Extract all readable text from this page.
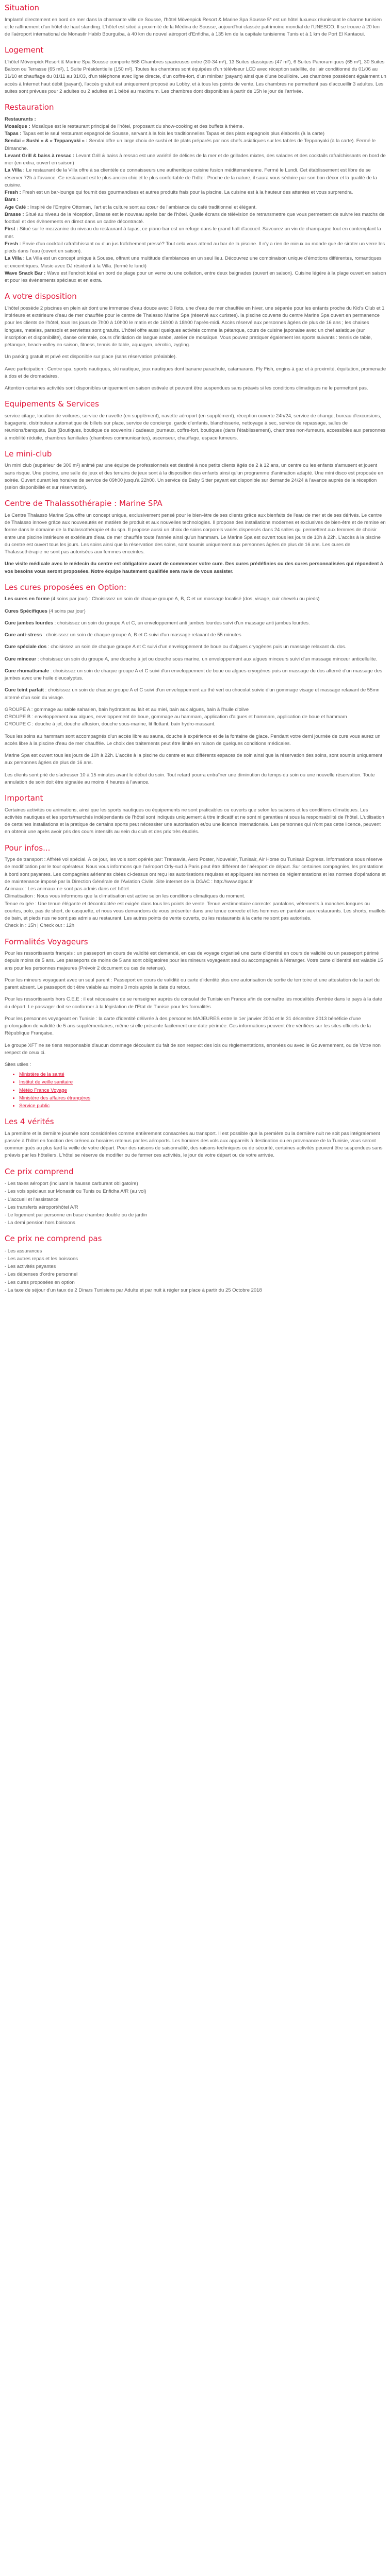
Situation

Implanté directement en bord de mer dans la charmante ville de Sousse, l'hôtel Mövenpick Resort & Marine Spa Sousse 5* est un hôtel luxueux réunissant le charme tunisien et le raffinement d'un hôtel de haut standing. L'hôtel est situé à proximité de la Médina de Sousse, aujourd'hui classée patrimoine mondial de l'UNESCO. Il se trouve à 20 km de l'aéroport international de Monastir Habib Bourguiba, à 40 km du nouvel aéroport d'Enfidha, à 135 km de la capitale tunisienne Tunis et à 1 km de Port El Kantaoui.

Logement

L'hôtel Mövenpick Resort & Marine Spa Sousse comporte 568 Chambres spacieuses entre (30-34 m²), 13 Suites classiques (47 m²), 6 Suites Panoramiques (65 m²), 30 Suites Balcon ou Terrasse (65 m²), 1 Suite Présidentielle (150 m²). Toutes les chambres sont équipées d'un téléviseur LCD avec réception satellite, de l'air conditionné du 01/06 au 31/10 et chauffage du 01/11 au 31/03, d'un téléphone avec ligne directe, d'un coffre-fort, d'un minibar (payant) ainsi que d'une bouilloire. Les chambres possèdent également un accès à Internet haut débit (payant), l'accès gratuit est uniquement proposé au Lobby, et à tous les points de vente. Les chambres ne permettent pas d'accueillir 3 adultes. Les suites sont prévues pour 2 adultes ou 2 adultes et 1 bébé au maximum. Les chambres dont disponibles à partir de 15h le jour de l'arrivée.

Restauration

Restaurants :

Mosaïque : Mosaïque est le restaurant principal de l'hôtel, proposant du show-cooking et des buffets à thème.

Tapas : Tapas est le seul restaurant espagnol de Sousse, servant à la fois les traditionnelles Tapas et des plats espagnols plus élaborés (à la carte)

Sendai « Sushi » & « Teppanyaki » : Sendai offre un large choix de sushi et de plats préparés par nos chefs asiatiques sur les tables de Teppanyaki (à la carte). Fermé le Dimanche.

Levant Grill & baiss à ressac : Levant Grill & baiss à ressac est une variété de délices de la mer et de grillades mixtes, des salades et des cocktails rafraîchissants en bord de mer (en extra, ouvert en saison)

La Villa : Le restaurant de la Villa offre à sa clientèle de connaisseurs une authentique cuisine fusion méditerranéenne. Fermé le Lundi. Cet établissement est libre de se réserver 72h à l'avance. Ce restaurant est le plus ancien chic et le plus confortable de l'hôtel. Proche de la nature, il saura vous séduire par son bon décor et la qualité de la cuisine.

Fresh : Fresh est un bar-lounge qui fournit des gourmandises et autres produits frais pour la piscine. La cuisine est à la hauteur des attentes et vous surprendra.

Bars :

Age Café : Inspiré de l'Empire Ottoman, l'art et la culture sont au cœur de l'ambiance du café traditionnel et élégant.

Brasse : Situé au niveau de la réception, Brasse est le nouveau après bar de l'hôtel. Quelle écrans de télévision de retransmettre que vous permettent de suivre les matchs de football et des évènements en direct dans un cadre décontracté.

First : Situé sur le mezzanine du niveau du restaurant à tapas, ce piano-bar est un refuge dans le grand hall d'accueil. Savourez un vin de champagne tout en contemplant la mer.

Fresh : Envie d'un cocktail rafraîchissant ou d'un jus fraîchement pressé? Tout cela vous attend au bar de la piscine. Il n'y a rien de mieux au monde que de siroter un verre les pieds dans l'eau (ouvert en saison).

La Villa : La Villa est un concept unique à Sousse, offrant une multitude d'ambiances en un seul lieu. Découvrez une combinaison unique d'émotions différentes, romantiques et excentriques. Music avec DJ résident à la Villa. (fermé le lundi)

Wave Snack Bar : Wave est l'endroit idéal en bord de plage pour un verre ou une collation, entre deux baignades (ouvert en saison). Cuisine légère à la plage ouvert en saison et pour les événements spéciaux et en extra.

A votre disposition

L'hôtel possède 2 piscines en plein air dont une immense d'eau douce avec 3 îlots, une d'eau de mer chauffée en hiver, une séparée pour les enfants proche du Kid's Club et 1 intérieure et extérieure d'eau de mer chauffée pour le centre de Thalasso Marine Spa (réservé aux curistes). la piscine couverte du centre Marine Spa ouvert en permanence pour les clients de l'hôtel, tous les jours de 7h00 à 10h00 le matin et de 16h00 à 18h00 l'après-midi. Accès réservé aux personnes âgées de plus de 16 ans ; les chaises longues, matelas, parasols et serviettes sont gratuits. L'hôtel offre aussi quelques activités comme la pétanque, cours de cuisine japonaise avec un chef asiatique (sur inscription et disponibilité), danse orientale, cours d'initiation de langue arabe, atelier de mosaïque. Vous pouvez pratiquer également les sports suivants : tennis de table, pétanque, beach-volley en saison, fitness, tennis de table, aquagym, aérobic, zygling.

Un parking gratuit et privé est disponible sur place (sans réservation préalable).

Avec participation : Centre spa, sports nautiques, ski nautique, jeux nautiques dont banane parachute, catamarans, Fly Fish, engins à gaz et à proximité, équitation, promenade à dos et de dromadaires.

Attention certaines activités sont disponibles uniquement en saison estivale et peuvent être suspendues sans préavis si les conditions climatiques ne le permettent pas.

Equipements & Services

service citage, location de voitures, service de navette (en supplément), navette aéroport (en supplément), réception ouverte 24h/24, service de change, bureau d'excursions, bagagerie, distributeur automatique de billets sur place, service de concierge, garde d'enfants, blanchisserie, nettoyage à sec, service de repassage, salles de réunions/banquets, Bus (Boutiques, boutique de souvenirs / cadeaux journaux, coffre-fort, boutiques (dans l'établissement), chambres non-fumeurs, accessibles aux personnes à mobilité réduite, chambres familiales (chambres communicantes), ascenseur, chauffage, espace fumeurs.

Le mini-club

Un mini club (supérieur de 300 m²) animé par une équipe de professionnels est destiné à nos petits clients âgés de 2 à 12 ans, un centre ou les enfants s'amusent et jouent sans risque. Une piscine, une salle de jeux et des terrains de jeux sont à la disposition des enfants ainsi qu'un programme d'animation adapté. Une mini disco est proposée en soirée. Ouvert durant les horaires de service de 09h00 jusqu'à 22h00. Un service de Baby Sitter payant est disponible sur demande 24/24 à l'avance auprès de la réception (selon disponibilité et sur réservation).

Centre de Thalassothérapie : Marine SPA

Le Centre Thalasso Marine Spa offre un concept unique, exclusivement pensé pour le bien-être de ses clients grâce aux bienfaits de l'eau de mer et de ses dérivés. Le centre de Thalasso innove grâce aux nouveautés en matière de produit et aux nouvelles technologies. Il propose des installations modernes et exclusives de bien-être et de remise en forme dans le domaine de la thalassothérapie et du spa. Il propose aussi un choix de soins corporels variés dispensés dans 24 salles qui permettent aux femmes de choisir entre une piscine intérieure et extérieure d'eau de mer chauffée toute l'année ainsi qu'un hammam. Le Marine Spa est ouvert tous les jours de 10h à 22h. L'accès à la piscine du centre est ouvert tous les jours. Les soins ainsi que la réservation des soins, sont soumis uniquement aux personnes âgées de plus de 16 ans. Les cures de Thalassothérapie ne sont pas autorisées aux femmes enceintes.

Une visite médicale avec le médecin du centre est obligatoire avant de commencer votre cure. Des cures prédéfinies ou des cures personnalisées qui répondent à vos besoins vous seront proposées. Notre équipe hautement qualifiée sera ravie de vous assister.

Les cures proposées en Option:

Les cures en forme (4 soins par jour) : Choisissez un soin de chaque groupe A, B, C et un massage localisé (dos, visage, cuir chevelu ou pieds)

Cures Spécifiques (4 soins par jour)

Cure jambes lourdes : choisissez un soin du groupe A et C, un enveloppement anti jambes lourdes suivi d'un massage anti jambes lourdes.

Cure anti-stress : choisissez un soin de chaque groupe A, B et C suivi d'un massage relaxant de 55 minutes

Cure spéciale dos : choisissez un soin de chaque groupe A et C suivi d'un enveloppement de boue ou d'algues cryogènes puis un massage relaxant du dos.

Cure minceur : choisissez un soin du groupe A, une douche à jet ou douche sous marine, un enveloppement aux algues minceurs suivi d'un massage minceur anticellulite.

Cure rhumatismale : choisissez un soin de chaque groupe A et C suivi d'un enveloppement de boue ou algues cryogènes puis un massage du dos alterné d'un massage des jambes avec une huile d'eucalyptus.

Cure teint parfait : choisissez un soin de chaque groupe A et C suivi d'un enveloppement au thé vert ou chocolat suivie d'un gommage visage et massage relaxant de 55mn alterné d'un soin du visage.

GROUPE A : gommage au sable saharien, bain hydratant au lait et au miel, bain aux algues, bain à l'huile d'olive

GROUPE B : enveloppement aux algues, enveloppement de boue, gommage au hammam, application d'algues et hammam, application de boue et hammam

GROUPE C : douche à jet, douche affusion, douche sous-marine, lit flottant, bain hydro-massant.

Tous les soins au hammam sont accompagnés d'un accès libre au sauna, douche à expérience et de la fontaine de glace. Pendant votre demi journée de cure vous aurez un accès libre à la piscine d'eau de mer chauffée. Le choix des traitements peut être limité en raison de quelques conditions médicales.

Marine Spa est ouvert tous les jours de 10h à 22h. L'accès à la piscine du centre et aux différents espaces de soin ainsi que la réservation des soins, sont soumis uniquement aux personnes âgées de plus de 16 ans.

Les clients sont prié de s'adresser 10 à 15 minutes avant le début du soin. Tout retard pourra entraîner une diminution du temps du soin ou une nouvelle réservation. Toute annulation de soin doit être signalée au moins 4 heures à l'avance.

Important

Certaines activités ou animations, ainsi que les sports nautiques ou équipements ne sont praticables ou ouverts que selon les saisons et les conditions climatiques. Les activités nautiques et les sports/marchés indépendants de l'hôtel sont indiqués uniquement à titre indicatif et ne sont ni garanties ni sous la responsabilité de l'hôtel. L'utilisation de certaines installations et la pratique de certains sports peut nécessiter une autorisation et/ou une licence internationale. Les personnes qui n'ont pas cette licence, peuvent en obtenir une après avoir pris des cours intensifs au sein du club et des prix très étudiés.

Pour infos...

Type de transport : Affrété vol spécial. À ce jour, les vols sont opérés par: Transavia, Aero Poster, Nouvelair, Tunisair, Air Horse ou Tunisair Express. Informations sous réserve de modification par le tour opérateur. Nous vous informons que l'aéroport Orly-sud à Paris peut être différent de l'aéroport de départ. Sur certaines compagnies, les prestations à bord sont payantes. Les compagnies aériennes citées ci-dessus ont reçu les autorisations requises et appliquent les normes de réglementations et les normes d'opérations et de maintenance imposé par la Direction Générale de l'Aviation Civile. Site internet de la DGAC : http://www.dgac.fr

Animaux : Les animaux ne sont pas admis dans cet hôtel.

Climatisation : Nous vous informons que la climatisation est active selon les conditions climatiques du moment.

Tenue exigée : Une tenue élégante et décontractée est exigée dans tous les points de vente. Tenue vestimentaire correcte: pantalons, vêtements à manches longues ou courtes, polo, pas de short, de casquette, et nous vous demandons de vous présenter dans une tenue correcte et les hommes en pantalon aux restaurants. Les shorts, maillots de bain, et pieds nus ne sont pas admis au restaurant. Les autres points de vente ouverts, ou les restaurants à la carte ne sont pas autorisés.

Check in : 15h | Check out : 12h

Formalités Voyageurs

Pour les ressortissants français : un passeport en cours de validité est demandé, en cas de voyage organisé une carte d'identité en cours de validité ou un passeport périmé depuis moins de 5 ans. Les passeports de moins de 5 ans sont obligatoires pour les mineurs voyageant seul ou accompagnés à l'étranger. Votre carte d'identité est valable 15 ans pour les personnes majeures (Prévoir 2 document ou cas de retenue).

Pour les mineurs voyageant avec un seul parent : Passeport en cours de validité ou carte d'identité plus une autorisation de sortie de territoire et une attestation de la part du parent absent. Le passeport doit être valable au moins 3 mois après la date du retour.

Pour les ressortissants hors C.E.E : il est nécessaire de se renseigner auprès du consulat de Tunisie en France afin de connaître les modalités d'entrée dans le pays à la date du départ. Le passager doit se conformer à la législation de l'Etat de Tunisie pour les formalités.

Pour les personnes voyageant en Tunisie : la carte d'identité délivrée à des personnes MAJEURES entre le 1er janvier 2004 et le 31 décembre 2013 bénéficie d'une prolongation de validité de 5 ans supplémentaires, même si elle présente facilement une date périmée. Ces informations peuvent être vérifiées sur les sites officiels de la République Française.

Le groupe XFT ne se tiens responsable d'aucun dommage découlant du fait de son respect des lois ou règlementations, erronées ou avec le Gouvernement, ou de Votre non respect de ceux ci.

Sites utiles :

• Ministère de la santé
• Institut de veille sanitaire
• Météo France Voyage
• Ministère des affaires étrangères
• Service public
Les 4 vérités

La première et la dernière journée sont considérées comme entièrement consacrées au transport. Il est possible que la première ou la dernière nuit ne soit pas intégralement passée à l'hôtel en fonction des créneaux horaires retenus par les aéroports. Les horaires des vols aux appareils à destination ou en provenance de la Tunisie, vous seront communiqués au plus tard la veille de votre départ. Pour des raisons de saisonnalité, des raisons techniques ou de sécurité, certaines activités peuvent être suspendues sans préavis par les hôteliers. L'hôtel se réserve de modifier ou de fermer ces activités, le jour de votre départ ou de votre arrivée.

Ce prix comprend

- Les taxes aéroport (incluant la hausse carburant obligatoire)

- Les vols spéciaux sur Monastir ou Tunis ou Enfidha A/R (au vol)

- L'accueil et l'assistance

- Les transferts aéroport/hôtel A/R

- Le logement par personne en base chambre double ou de jardin

- La demi pension hors boissons

Ce prix ne comprend pas

- Les assurances

- Les autres repas et les boissons

- Les activités payantes

- Les dépenses d'ordre personnel

- Les cures proposées en option

- La taxe de séjour d'un taux de 2 Dinars Tunisiens par Adulte et par nuit à régler sur place à partir du 25 Octobre 2018
